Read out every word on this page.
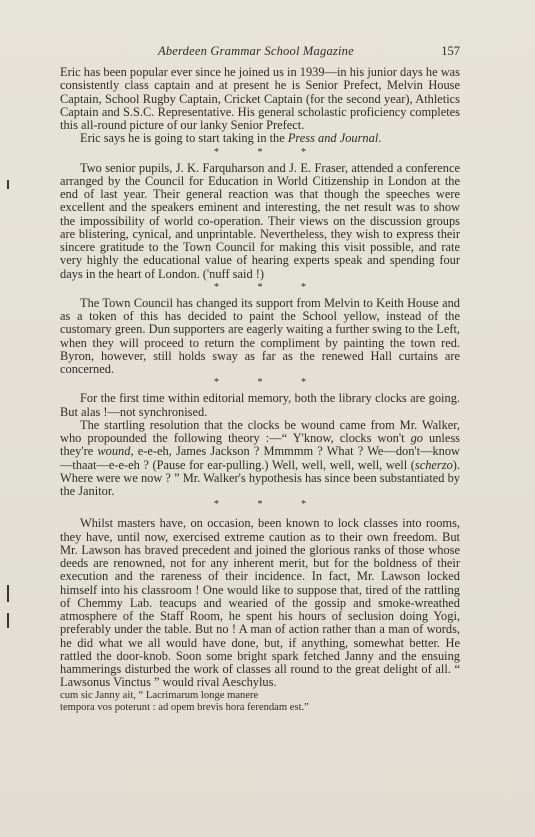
Aberdeen Grammar School Magazine	157

Eric has been popular ever since he joined us in 1939—in his junior days he was consistently class captain and at present he is Senior Prefect, Melvin House Captain, School Rugby Captain, Cricket Captain (for the second year), Athletics Captain and S.S.C. Representative. His general scholastic proficiency completes this all-round picture of our lanky Senior Prefect.

Eric says he is going to start taking in the Press and Journal.

* * *

Two senior pupils, J. K. Farquharson and J. E. Fraser, attended a conference arranged by the Council for Education in World Citizenship in London at the end of last year. Their general reaction was that though the speeches were excellent and the speakers eminent and interesting, the net result was to show the impossibility of world co-operation. Their views on the discussion groups are blistering, cynical, and unprintable. Nevertheless, they wish to express their sincere gratitude to the Town Council for making this visit possible, and rate very highly the educational value of hearing experts speak and spending four days in the heart of London. ('nuff said !)

* * *

The Town Council has changed its support from Melvin to Keith House and as a token of this has decided to paint the School yellow, instead of the customary green. Dun supporters are eagerly waiting a further swing to the Left, when they will proceed to return the compliment by painting the town red. Byron, however, still holds sway as far as the renewed Hall curtains are concerned.

* * *

For the first time within editorial memory, both the library clocks are going. But alas !—not synchronised.

The startling resolution that the clocks be wound came from Mr. Walker, who propounded the following theory :—“ Y'know, clocks won't go unless they're wound, e-e-eh, James Jackson ? Mmmmm ? What ? We—don't—know—thaat—e-e-eh ? (Pause for ear-pulling.) Well, well, well, well, well (scherzo). Where were we now ? ” Mr. Walker's hypothesis has since been substantiated by the Janitor.

* * *

Whilst masters have, on occasion, been known to lock classes into rooms, they have, until now, exercised extreme caution as to their own freedom. But Mr. Lawson has braved precedent and joined the glorious ranks of those whose deeds are renowned, not for any inherent merit, but for the boldness of their execution and the rareness of their incidence. In fact, Mr. Lawson locked himself into his classroom ! One would like to suppose that, tired of the rattling of Chemmy Lab. teacups and wearied of the gossip and smoke-wreathed atmosphere of the Staff Room, he spent his hours of seclusion doing Yogi, preferably under the table. But no ! A man of action rather than a man of words, he did what we all would have done, but, if anything, somewhat better. He rattled the door-knob. Soon some bright spark fetched Janny and the ensuing hammerings disturbed the work of classes all round to the great delight of all. “ Lawsonus Vinctus ” would rival Aeschylus.

cum sic Janny ait, “ Lacrimarum longe manere

tempora vos poterunt : ad opem brevis hora ferendam est.”
